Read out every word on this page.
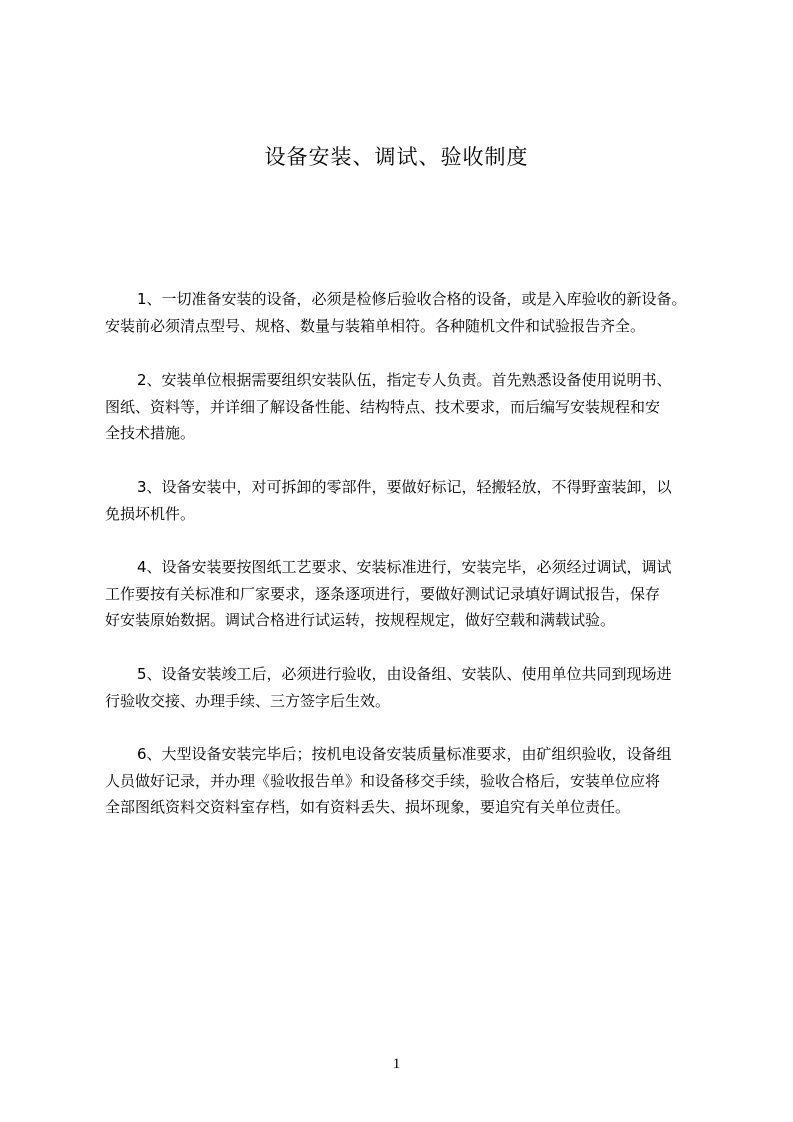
设备安装、调试、验收制度
1、一切准备安装的设备，必须是检修后验收合格的设备，或是入库验收的新设备。
安装前必须清点型号、规格、数量与装箱单相符。各种随机文件和试验报告齐全。
2、安装单位根据需要组织安装队伍，指定专人负责。首先熟悉设备使用说明书、
图纸、资料等，并详细了解设备性能、结构特点、技术要求，而后编写安装规程和安
全技术措施。
3、设备安装中，对可拆卸的零部件，要做好标记，轻搬轻放，不得野蛮装卸，以
免损坏机件。
4、设备安装要按图纸工艺要求、安装标准进行，安装完毕，必须经过调试，调试
工作要按有关标准和厂家要求，逐条逐项进行，要做好测试记录填好调试报告，保存
好安装原始数据。调试合格进行试运转，按规程规定，做好空载和满载试验。
5、设备安装竣工后，必须进行验收，由设备组、安装队、使用单位共同到现场进
行验收交接、办理手续、三方签字后生效。
6、大型设备安装完毕后；按机电设备安装质量标准要求，由矿组织验收，设备组
人员做好记录，并办理《验收报告单》和设备移交手续，验收合格后，安装单位应将
全部图纸资料交资料室存档，如有资料丢失、损坏现象，要追究有关单位责任。
1
